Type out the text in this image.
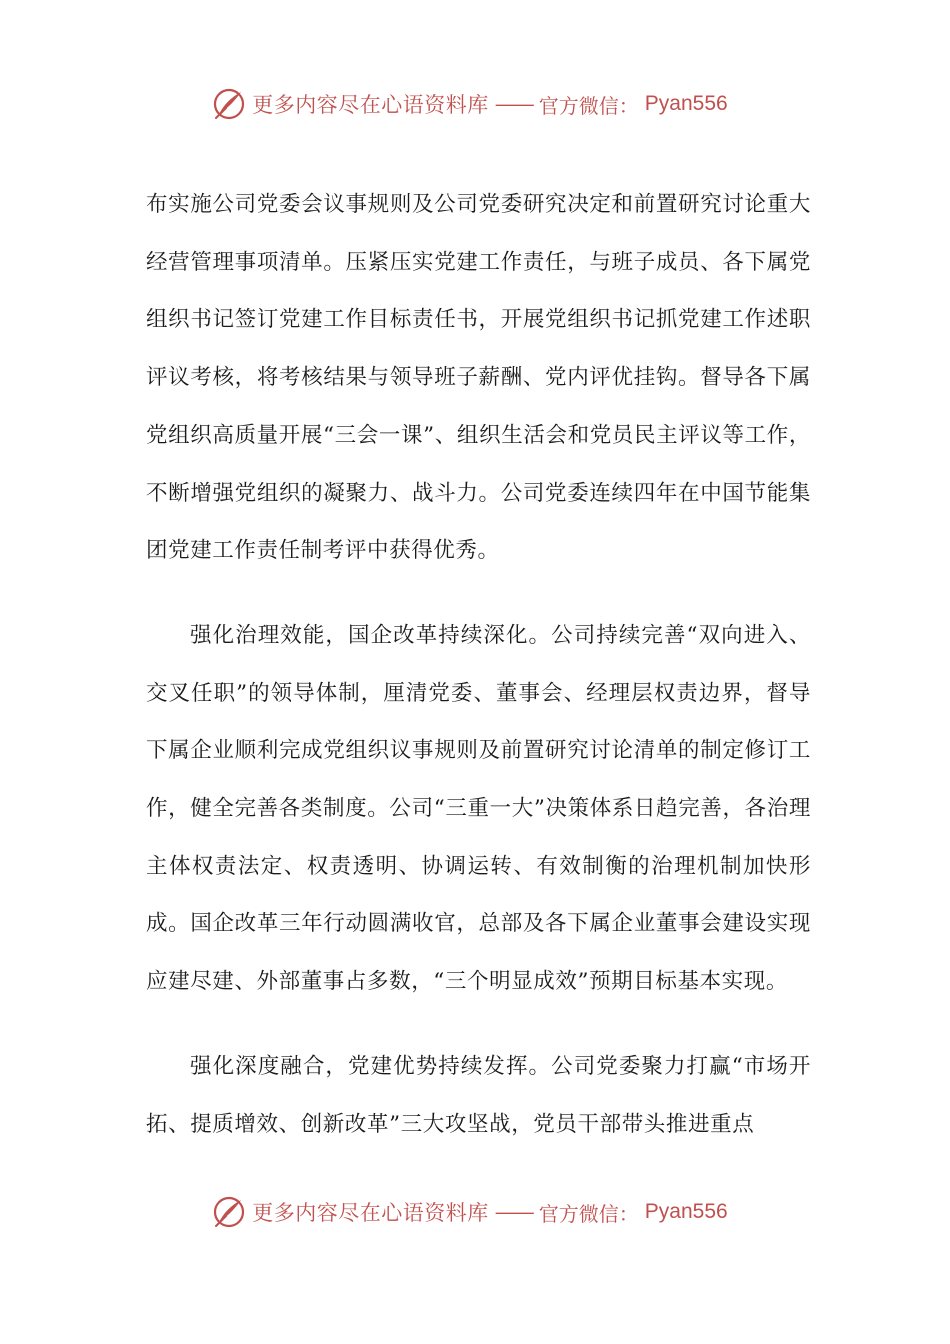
更多内容尽在心语资料库 —— 官方微信： Pyan556

布实施公司党委会议事规则及公司党委研究决定和前置研究讨论重大经营管理事项清单。压紧压实党建工作责任，与班子成员、各下属党组织书记签订党建工作目标责任书，开展党组织书记抓党建工作述职评议考核，将考核结果与领导班子薪酬、党内评优挂钩。督导各下属党组织高质量开展“三会一课”、组织生活会和党员民主评议等工作，不断增强党组织的凝聚力、战斗力。公司党委连续四年在中国节能集团党建工作责任制考评中获得优秀。

强化治理效能，国企改革持续深化。公司持续完善“双向进入、交叉任职”的领导体制，厘清党委、董事会、经理层权责边界，督导下属企业顺利完成党组织议事规则及前置研究讨论清单的制定修订工作，健全完善各类制度。公司“三重一大”决策体系日趋完善，各治理主体权责法定、权责透明、协调运转、有效制衡的治理机制加快形成。国企改革三年行动圆满收官，总部及各下属企业董事会建设实现应建尽建、外部董事占多数，“三个明显成效”预期目标基本实现。

强化深度融合，党建优势持续发挥。公司党委聚力打赢“市场开拓、提质增效、创新改革”三大攻坚战，党员干部带头推进重点

更多内容尽在心语资料库 —— 官方微信： Pyan556
